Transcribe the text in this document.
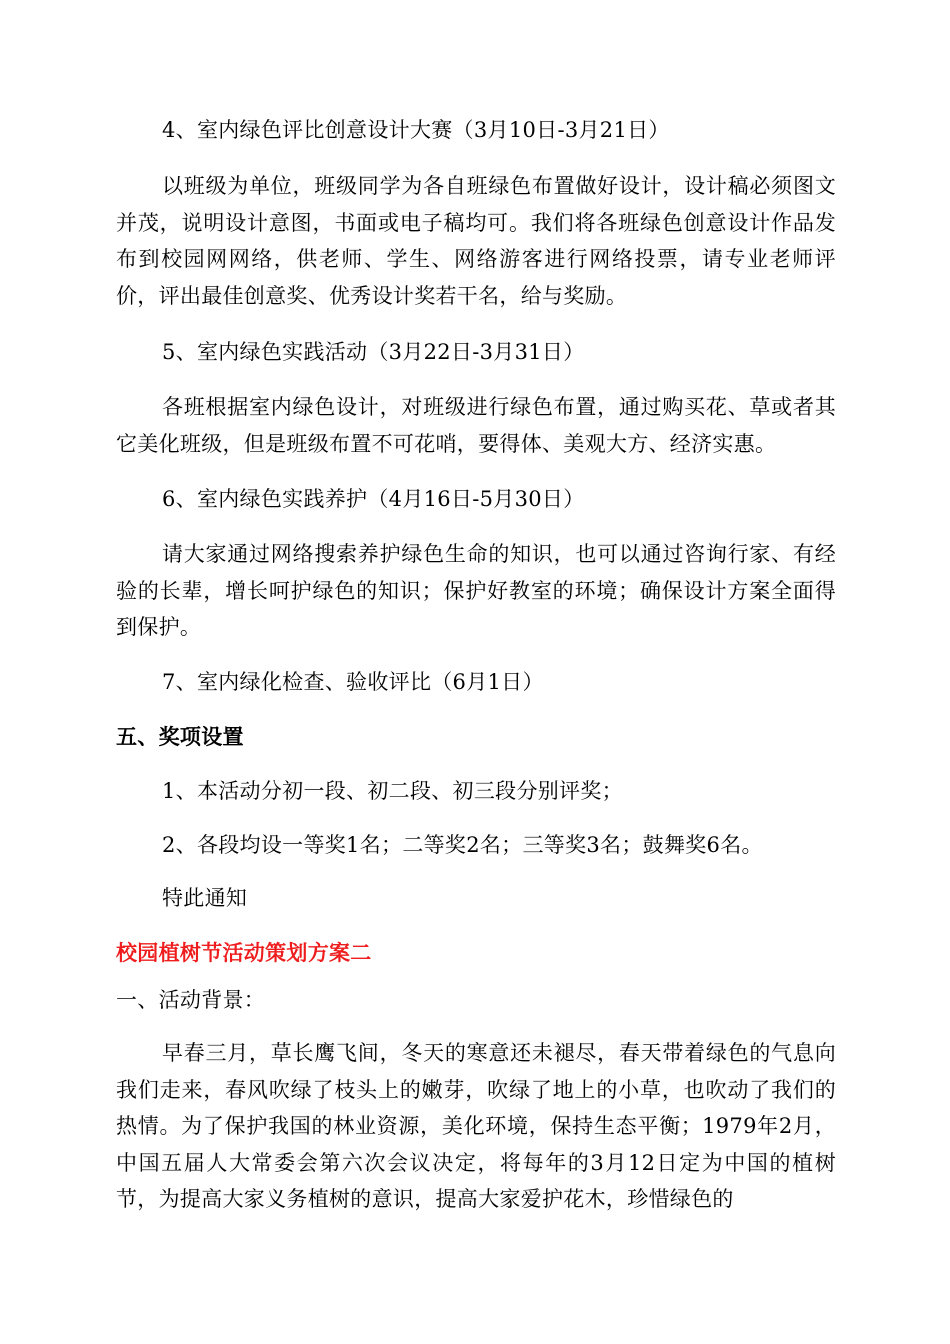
4、室内绿色评比创意设计大赛（3月10日-3月21日）
以班级为单位，班级同学为各自班绿色布置做好设计，设计稿必须图文并茂，说明设计意图，书面或电子稿均可。我们将各班绿色创意设计作品发布到校园网网络，供老师、学生、网络游客进行网络投票，请专业老师评价，评出最佳创意奖、优秀设计奖若干名，给与奖励。
5、室内绿色实践活动（3月22日-3月31日）
各班根据室内绿色设计，对班级进行绿色布置，通过购买花、草或者其它美化班级，但是班级布置不可花哨，要得体、美观大方、经济实惠。
6、室内绿色实践养护（4月16日-5月30日）
请大家通过网络搜索养护绿色生命的知识，也可以通过咨询行家、有经验的长辈，增长呵护绿色的知识；保护好教室的环境；确保设计方案全面得到保护。
7、室内绿化检查、验收评比（6月1日）
五、奖项设置
1、本活动分初一段、初二段、初三段分别评奖；
2、各段均设一等奖1名；二等奖2名；三等奖3名；鼓舞奖6名。
特此通知
校园植树节活动策划方案二
一、活动背景：
早春三月，草长鹰飞间，冬天的寒意还未褪尽，春天带着绿色的气息向我们走来，春风吹绿了枝头上的嫩芽，吹绿了地上的小草，也吹动了我们的热情。为了保护我国的林业资源，美化环境，保持生态平衡；1979年2月，中国五届人大常委会第六次会议决定，将每年的3月12日定为中国的植树节，为提高大家义务植树的意识，提高大家爱护花木，珍惜绿色的
